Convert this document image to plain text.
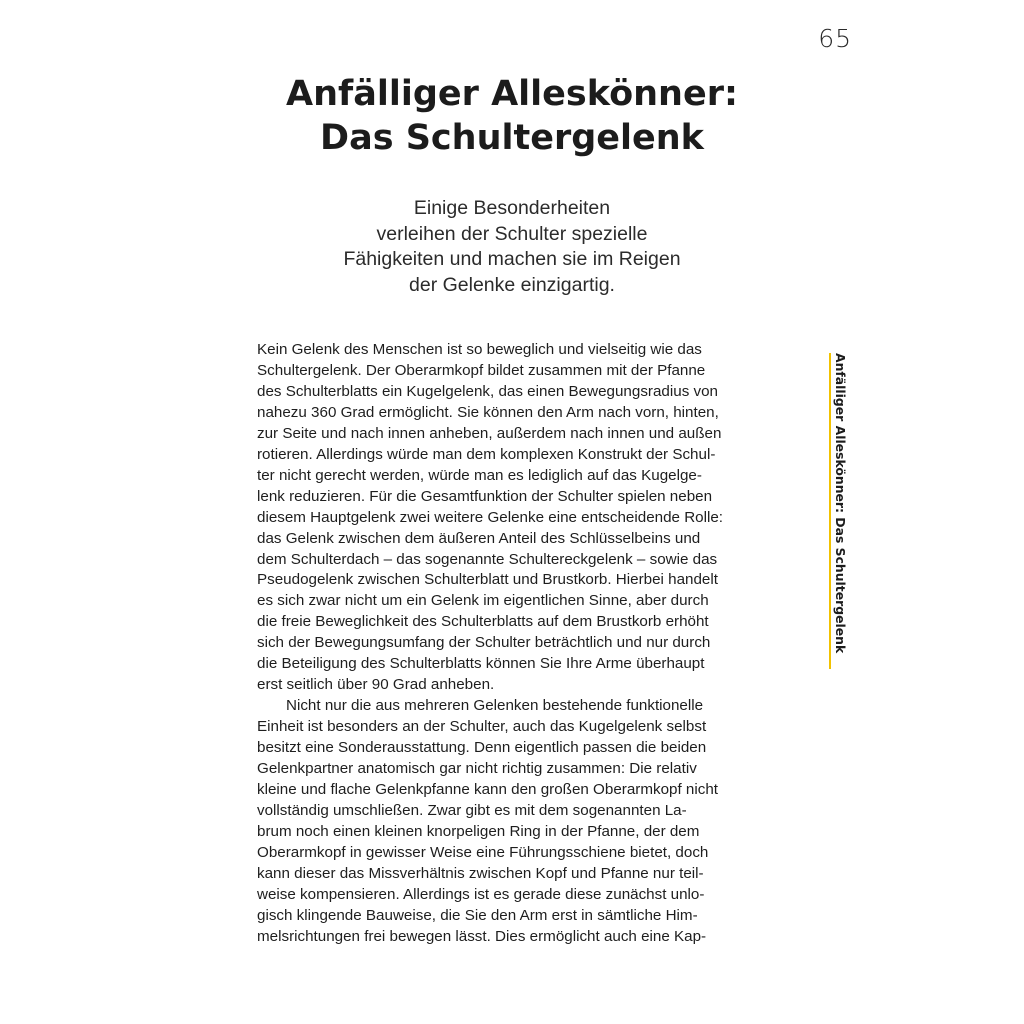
65
Anfälliger Alleskönner:
Das Schultergelenk

Einige Besonderheiten
verleihen der Schulter spezielle
Fähigkeiten und machen sie im Reigen
der Gelenke einzigartig.

Kein Gelenk des Menschen ist so beweglich und vielseitig wie das
Schultergelenk. Der Oberarmkopf bildet zusammen mit der Pfanne
des Schulterblatts ein Kugelgelenk, das einen Bewegungsradius von
nahezu 360 Grad ermöglicht. Sie können den Arm nach vorn, hinten,
zur Seite und nach innen anheben, außerdem nach innen und außen
rotieren. Allerdings würde man dem komplexen Konstrukt der Schul-
ter nicht gerecht werden, würde man es lediglich auf das Kugelge-
lenk reduzieren. Für die Gesamtfunktion der Schulter spielen neben
diesem Hauptgelenk zwei weitere Gelenke eine entscheidende Rolle:
das Gelenk zwischen dem äußeren Anteil des Schlüsselbeins und
dem Schulterdach – das sogenannte Schultereckgelenk – sowie das
Pseudogelenk zwischen Schulterblatt und Brustkorb. Hierbei handelt
es sich zwar nicht um ein Gelenk im eigentlichen Sinne, aber durch
die freie Beweglichkeit des Schulterblatts auf dem Brustkorb erhöht
sich der Bewegungsumfang der Schulter beträchtlich und nur durch
die Beteiligung des Schulterblatts können Sie Ihre Arme überhaupt
erst seitlich über 90 Grad anheben.
Nicht nur die aus mehreren Gelenken bestehende funktionelle
Einheit ist besonders an der Schulter, auch das Kugelgelenk selbst
besitzt eine Sonderausstattung. Denn eigentlich passen die beiden
Gelenkpartner anatomisch gar nicht richtig zusammen: Die relativ
kleine und flache Gelenkpfanne kann den großen Oberarmkopf nicht
vollständig umschließen. Zwar gibt es mit dem sogenannten La-
brum noch einen kleinen knorpeligen Ring in der Pfanne, der dem
Oberarmkopf in gewisser Weise eine Führungsschiene bietet, doch
kann dieser das Missverhältnis zwischen Kopf und Pfanne nur teil-
weise kompensieren. Allerdings ist es gerade diese zunächst unlo-
gisch klingende Bauweise, die Sie den Arm erst in sämtliche Him-
melsrichtungen frei bewegen lässt. Dies ermöglicht auch eine Kap-
Anfälliger Alleskönner: Das Schultergelenk
